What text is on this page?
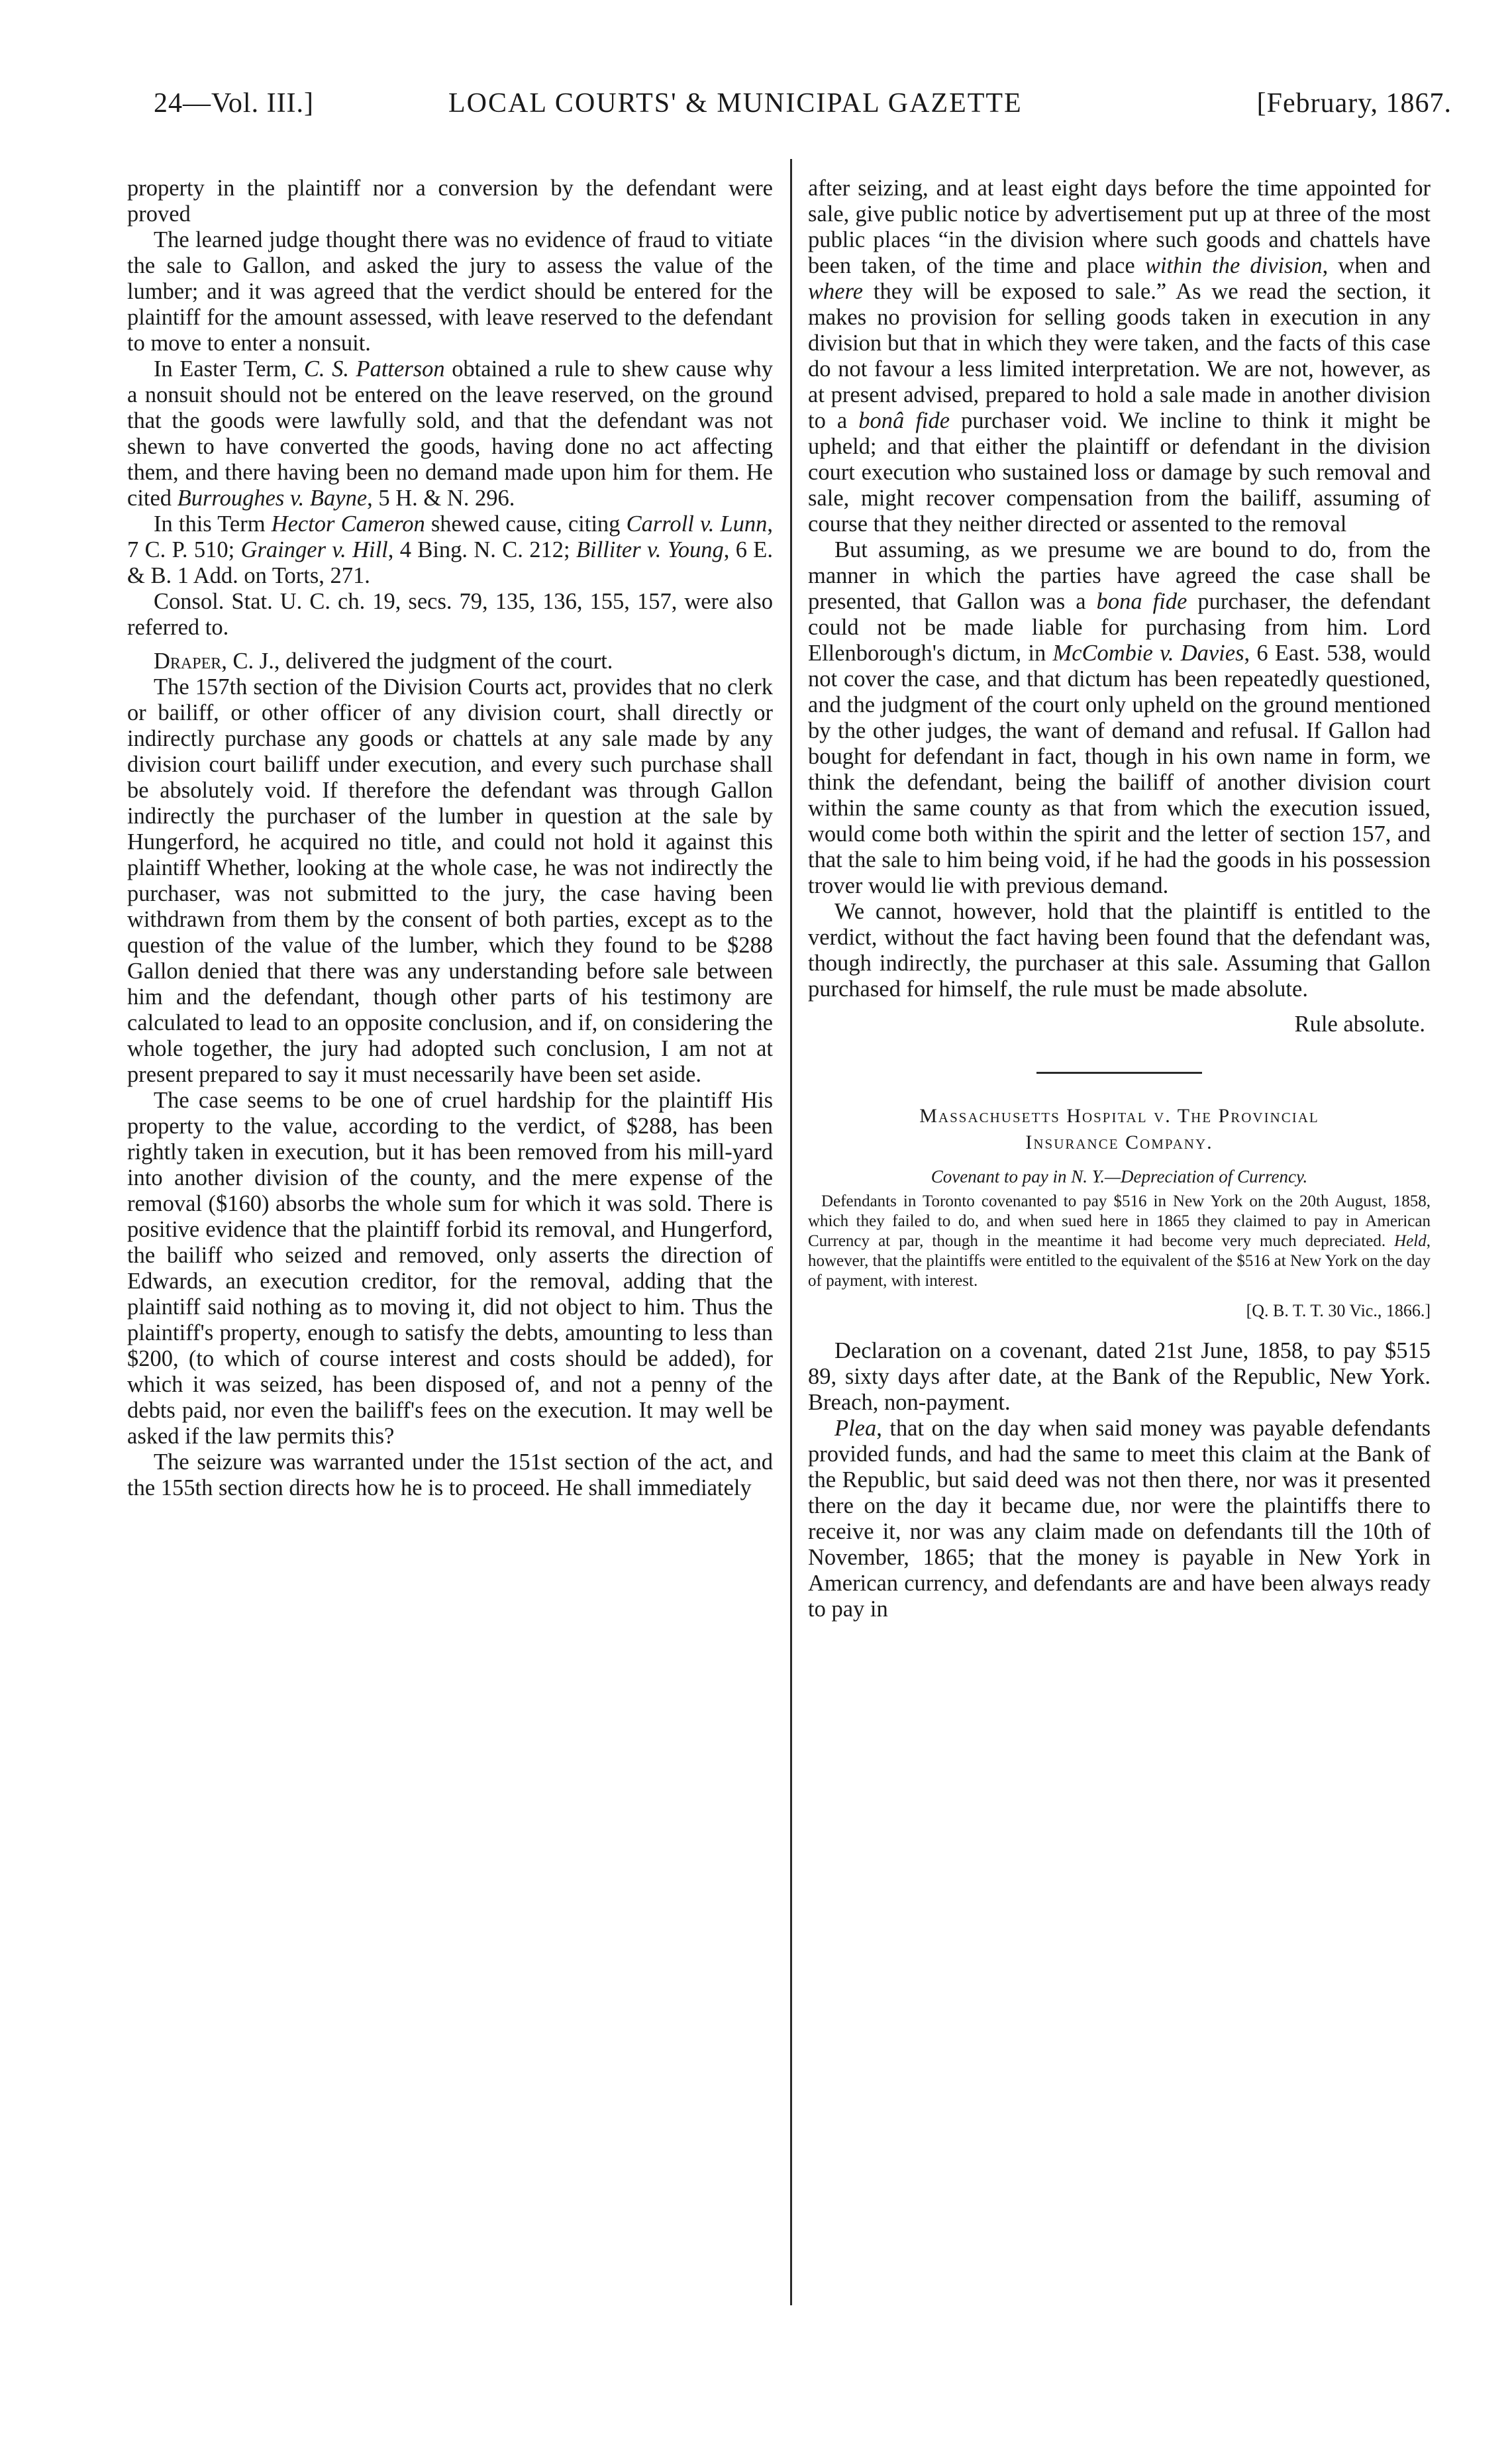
24—Vol. III.]	LOCAL COURTS' & MUNICIPAL GAZETTE	[February, 1867.

property in the plaintiff nor a conversion by the defendant were proved

The learned judge thought there was no evidence of fraud to vitiate the sale to Gallon, and asked the jury to assess the value of the lumber; and it was agreed that the verdict should be entered for the plaintiff for the amount assessed, with leave reserved to the defendant to move to enter a nonsuit.

In Easter Term, C. S. Patterson obtained a rule to shew cause why a nonsuit should not be entered on the leave reserved, on the ground that the goods were lawfully sold, and that the defendant was not shewn to have converted the goods, having done no act affecting them, and there having been no demand made upon him for them. He cited Burroughes v. Bayne, 5 H. & N. 296.

In this Term Hector Cameron shewed cause, citing Carroll v. Lunn, 7 C. P. 510; Grainger v. Hill, 4 Bing. N. C. 212; Billiter v. Young, 6 E. & B. 1 Add. on Torts, 271.

Consol. Stat. U. C. ch. 19, secs. 79, 135, 136, 155, 157, were also referred to.

Draper, C. J., delivered the judgment of the court.

The 157th section of the Division Courts act, provides that no clerk or bailiff, or other officer of any division court, shall directly or indirectly purchase any goods or chattels at any sale made by any division court bailiff under execution, and every such purchase shall be absolutely void. If therefore the defendant was through Gallon indirectly the purchaser of the lumber in question at the sale by Hungerford, he acquired no title, and could not hold it against this plaintiff Whether, looking at the whole case, he was not indirectly the purchaser, was not submitted to the jury, the case having been withdrawn from them by the consent of both parties, except as to the question of the value of the lumber, which they found to be $288 Gallon denied that there was any understanding before sale between him and the defendant, though other parts of his testimony are calculated to lead to an opposite conclusion, and if, on considering the whole together, the jury had adopted such conclusion, I am not at present prepared to say it must necessarily have been set aside.

The case seems to be one of cruel hardship for the plaintiff His property to the value, according to the verdict, of $288, has been rightly taken in execution, but it has been removed from his mill-yard into another division of the county, and the mere expense of the removal ($160) absorbs the whole sum for which it was sold. There is positive evidence that the plaintiff forbid its removal, and Hungerford, the bailiff who seized and removed, only asserts the direction of Edwards, an execution creditor, for the removal, adding that the plaintiff said nothing as to moving it, did not object to him. Thus the plaintiff's property, enough to satisfy the debts, amounting to less than $200, (to which of course interest and costs should be added), for which it was seized, has been disposed of, and not a penny of the debts paid, nor even the bailiff's fees on the execution. It may well be asked if the law permits this?

The seizure was warranted under the 151st section of the act, and the 155th section directs how he is to proceed. He shall immediately

after seizing, and at least eight days before the time appointed for sale, give public notice by advertisement put up at three of the most public places “in the division where such goods and chattels have been taken, of the time and place within the division, when and where they will be exposed to sale.” As we read the section, it makes no provision for selling goods taken in execution in any division but that in which they were taken, and the facts of this case do not favour a less limited interpretation. We are not, however, as at present advised, prepared to hold a sale made in another division to a bonâ fide purchaser void. We incline to think it might be upheld; and that either the plaintiff or defendant in the division court execution who sustained loss or damage by such removal and sale, might recover compensation from the bailiff, assuming of course that they neither directed or assented to the removal

But assuming, as we presume we are bound to do, from the manner in which the parties have agreed the case shall be presented, that Gallon was a bona fide purchaser, the defendant could not be made liable for purchasing from him. Lord Ellenborough's dictum, in McCombie v. Davies, 6 East. 538, would not cover the case, and that dictum has been repeatedly questioned, and the judgment of the court only upheld on the ground mentioned by the other judges, the want of demand and refusal. If Gallon had bought for defendant in fact, though in his own name in form, we think the defendant, being the bailiff of another division court within the same county as that from which the execution issued, would come both within the spirit and the letter of section 157, and that the sale to him being void, if he had the goods in his possession trover would lie with previous demand.

We cannot, however, hold that the plaintiff is entitled to the verdict, without the fact having been found that the defendant was, though indirectly, the purchaser at this sale. Assuming that Gallon purchased for himself, the rule must be made absolute.

Rule absolute.

Massachusetts Hospital v. The Provincial
Insurance Company.

Covenant to pay in N. Y.—Depreciation of Currency.

Defendants in Toronto covenanted to pay $516 in New York on the 20th August, 1858, which they failed to do, and when sued here in 1865 they claimed to pay in American Currency at par, though in the meantime it had become very much depreciated. Held, however, that the plaintiffs were entitled to the equivalent of the $516 at New York on the day of payment, with interest.

[Q. B. T. T. 30 Vic., 1866.]

Declaration on a covenant, dated 21st June, 1858, to pay $515 89, sixty days after date, at the Bank of the Republic, New York. Breach, non-payment.

Plea, that on the day when said money was payable defendants provided funds, and had the same to meet this claim at the Bank of the Republic, but said deed was not then there, nor was it presented there on the day it became due, nor were the plaintiffs there to receive it, nor was any claim made on defendants till the 10th of November, 1865; that the money is payable in New York in American currency, and defendants are and have been always ready to pay in
